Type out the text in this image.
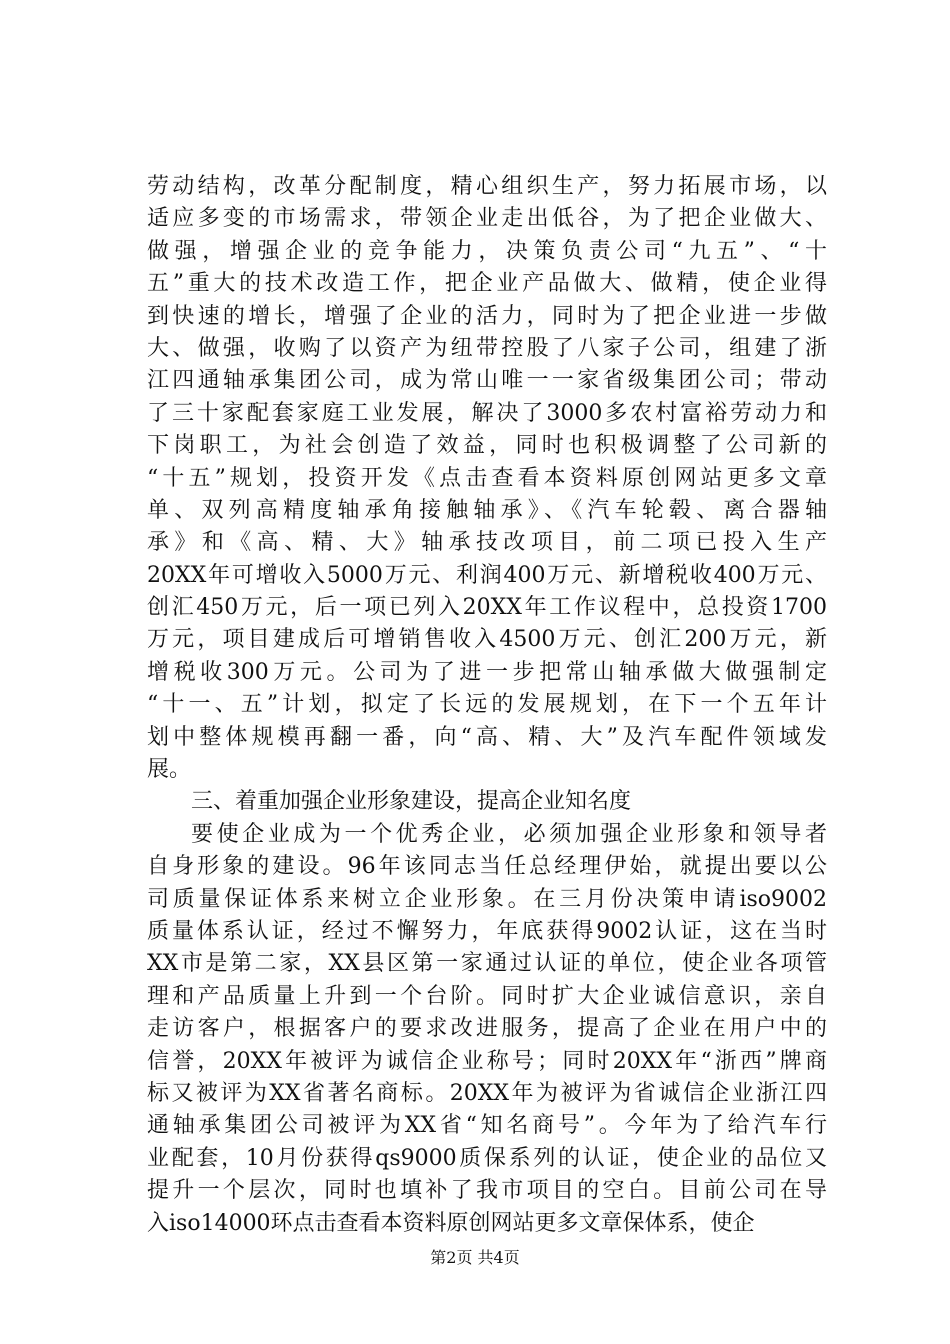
劳动结构，改革分配制度，精心组织生产，努力拓展市场，以
适应多变的市场需求，带领企业走出低谷，为了把企业做大、
做强，增强企业的竞争能力，决策负责公司“九五”、“十
五”重大的技术改造工作，把企业产品做大、做精，使企业得
到快速的增长，增强了企业的活力，同时为了把企业进一步做
大、做强，收购了以资产为纽带控股了八家子公司，组建了浙
江四通轴承集团公司，成为常山唯一一家省级集团公司；带动
了三十家配套家庭工业发展，解决了3000多农村富裕劳动力和
下岗职工，为社会创造了效益，同时也积极调整了公司新的
“十五”规划，投资开发《点击查看本资料原创网站更多文章
单、双列高精度轴承角接触轴承》、《汽车轮毂、离合器轴
承》和《高、精、大》轴承技改项目，前二项已投入生产
20XX年可增收入5000万元、利润400万元、新增税收400万元、
创汇450万元，后一项已列入20XX年工作议程中，总投资1700
万元，项目建成后可增销售收入4500万元、创汇200万元，新
增税收300万元。公司为了进一步把常山轴承做大做强制定
“十一、五”计划，拟定了长远的发展规划，在下一个五年计
划中整体规模再翻一番，向“高、精、大”及汽车配件领域发
展。
三、着重加强企业形象建设，提高企业知名度
要使企业成为一个优秀企业，必须加强企业形象和领导者
自身形象的建设。96年该同志当任总经理伊始，就提出要以公
司质量保证体系来树立企业形象。在三月份决策申请iso9002
质量体系认证，经过不懈努力，年底获得9002认证，这在当时
XX市是第二家，XX县区第一家通过认证的单位，使企业各项管
理和产品质量上升到一个台阶。同时扩大企业诚信意识，亲自
走访客户，根据客户的要求改进服务，提高了企业在用户中的
信誉，20XX年被评为诚信企业称号；同时20XX年“浙西”牌商
标又被评为XX省著名商标。20XX年为被评为省诚信企业浙江四
通轴承集团公司被评为XX省“知名商号”。今年为了给汽车行
业配套，10月份获得qs9000质保系列的认证，使企业的品位又
提升一个层次，同时也填补了我市项目的空白。目前公司在导
入iso14000环点击查看本资料原创网站更多文章保体系，使企
第2页 共4页
